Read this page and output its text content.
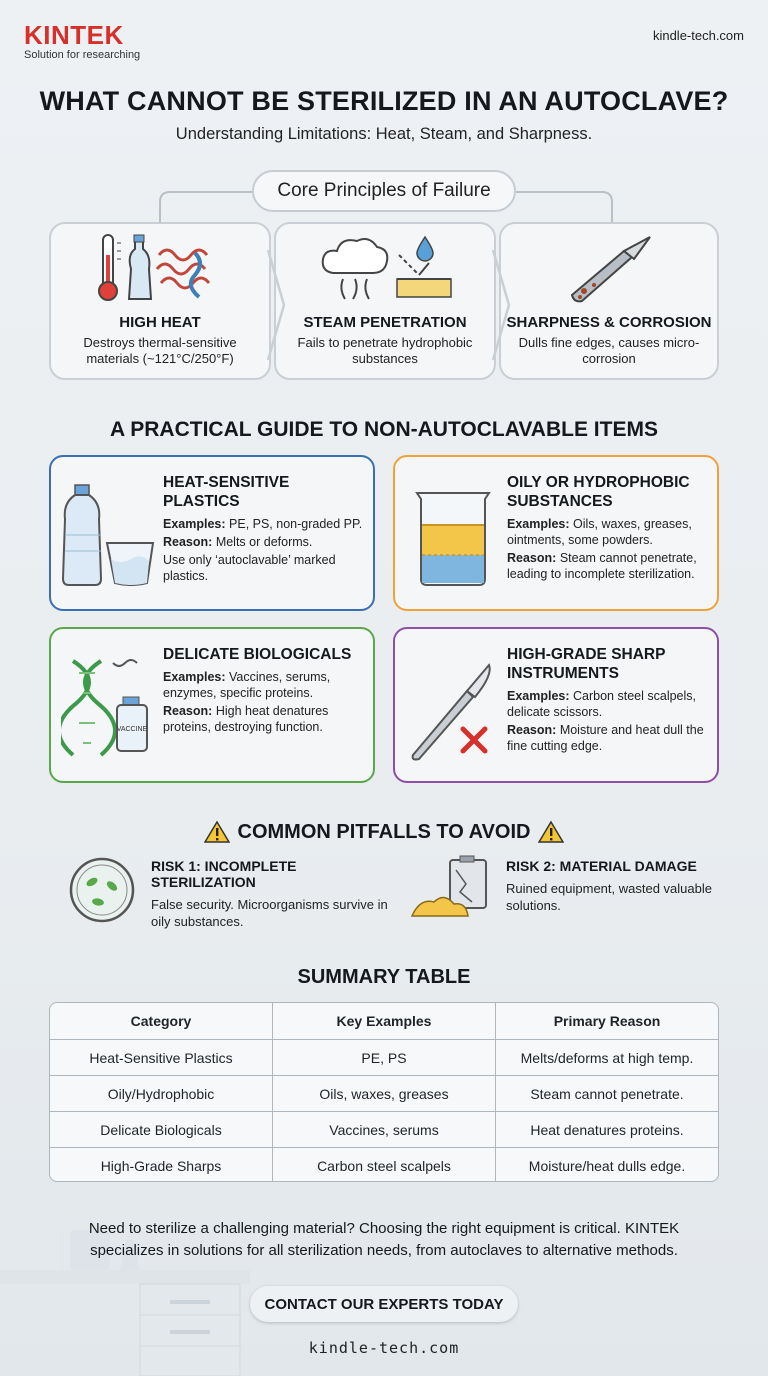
KINTEK
Solution for researching
kindle-tech.com
WHAT CANNOT BE STERILIZED IN AN AUTOCLAVE?
Understanding Limitations: Heat, Steam, and Sharpness.
Core Principles of Failure
HIGH HEAT
Destroys thermal-sensitive materials (~121°C/250°F)
STEAM PENETRATION
Fails to penetrate hydrophobic substances
SHARPNESS & CORROSION
Dulls fine edges, causes micro-corrosion
A PRACTICAL GUIDE TO NON-AUTOCLAVABLE ITEMS
HEAT-SENSITIVE PLASTICS
Examples: PE, PS, non-graded PP.
Reason: Melts or deforms.
Use only ‘autoclavable’ marked plastics.
OILY OR HYDROPHOBIC SUBSTANCES
Examples: Oils, waxes, greases, ointments, some powders.
Reason: Steam cannot penetrate, leading to incomplete sterilization.
VACCINE
DELICATE BIOLOGICALS
Examples: Vaccines, serums, enzymes, specific proteins.
Reason: High heat denatures proteins, destroying function.
HIGH-GRADE SHARP INSTRUMENTS
Examples: Carbon steel scalpels, delicate scissors.
Reason: Moisture and heat dull the fine cutting edge.
COMMON PITFALLS TO AVOID
RISK 1: INCOMPLETE STERILIZATION
False security. Microorganisms survive in oily substances.
RISK 2: MATERIAL DAMAGE
Ruined equipment, wasted valuable solutions.
SUMMARY TABLE
Category	Key Examples	Primary Reason
Heat-Sensitive Plastics	PE, PS	Melts/deforms at high temp.
Oily/Hydrophobic	Oils, waxes, greases	Steam cannot penetrate.
Delicate Biologicals	Vaccines, serums	Heat denatures proteins.
High-Grade Sharps	Carbon steel scalpels	Moisture/heat dulls edge.
Need to sterilize a challenging material? Choosing the right equipment is critical. KINTEK specializes in solutions for all sterilization needs, from autoclaves to alternative methods.
CONTACT OUR EXPERTS TODAY
kindle-tech.com
